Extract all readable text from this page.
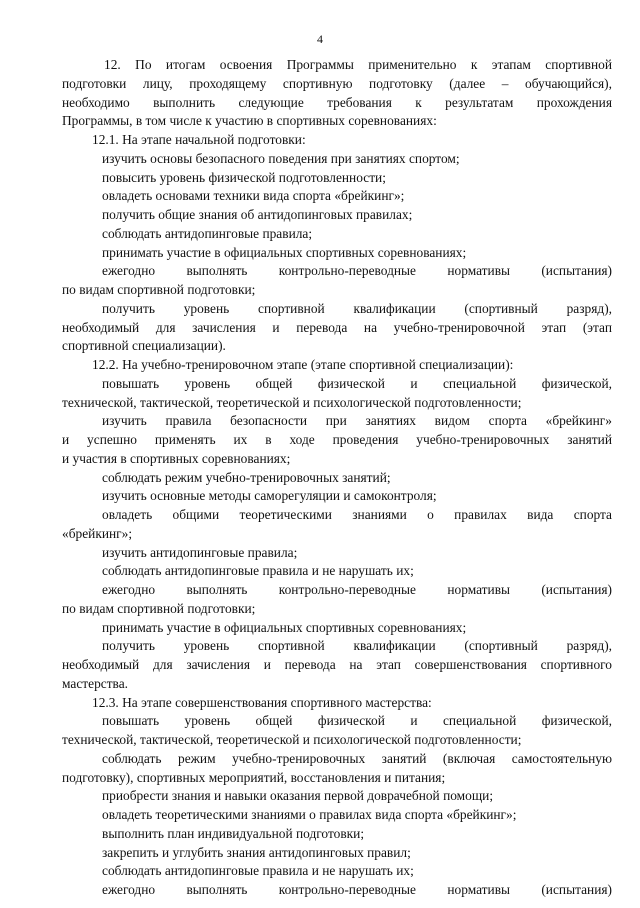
4
12. По итогам освоения Программы применительно к этапам спортивной
подготовки лицу, проходящему спортивную подготовку (далее – обучающийся),
необходимо выполнить следующие требования к результатам прохождения
Программы, в том числе к участию в спортивных соревнованиях:
12.1. На этапе начальной подготовки:
изучить основы безопасного поведения при занятиях спортом;
повысить уровень физической подготовленности;
овладеть основами техники вида спорта «брейкинг»;
получить общие знания об антидопинговых правилах;
соблюдать антидопинговые правила;
принимать участие в официальных спортивных соревнованиях;
ежегодно выполнять контрольно-переводные нормативы (испытания)
по видам спортивной подготовки;
получить уровень спортивной квалификации (спортивный разряд),
необходимый для зачисления и перевода на учебно-тренировочной этап (этап
спортивной специализации).
12.2. На учебно-тренировочном этапе (этапе спортивной специализации):
повышать уровень общей физической и специальной физической,
технической, тактической, теоретической и психологической подготовленности;
изучить правила безопасности при занятиях видом спорта «брейкинг»
и успешно применять их в ходе проведения учебно-тренировочных занятий
и участия в спортивных соревнованиях;
соблюдать режим учебно-тренировочных занятий;
изучить основные методы саморегуляции и самоконтроля;
овладеть общими теоретическими знаниями о правилах вида спорта
«брейкинг»;
изучить антидопинговые правила;
соблюдать антидопинговые правила и не нарушать их;
ежегодно выполнять контрольно-переводные нормативы (испытания)
по видам спортивной подготовки;
принимать участие в официальных спортивных соревнованиях;
получить уровень спортивной квалификации (спортивный разряд),
необходимый для зачисления и перевода на этап совершенствования спортивного
мастерства.
12.3. На этапе совершенствования спортивного мастерства:
повышать уровень общей физической и специальной физической,
технической, тактической, теоретической и психологической подготовленности;
соблюдать режим учебно-тренировочных занятий (включая самостоятельную
подготовку), спортивных мероприятий, восстановления и питания;
приобрести знания и навыки оказания первой доврачебной помощи;
овладеть теоретическими знаниями о правилах вида спорта «брейкинг»;
выполнить план индивидуальной подготовки;
закрепить и углубить знания антидопинговых правил;
соблюдать антидопинговые правила и не нарушать их;
ежегодно выполнять контрольно-переводные нормативы (испытания)
